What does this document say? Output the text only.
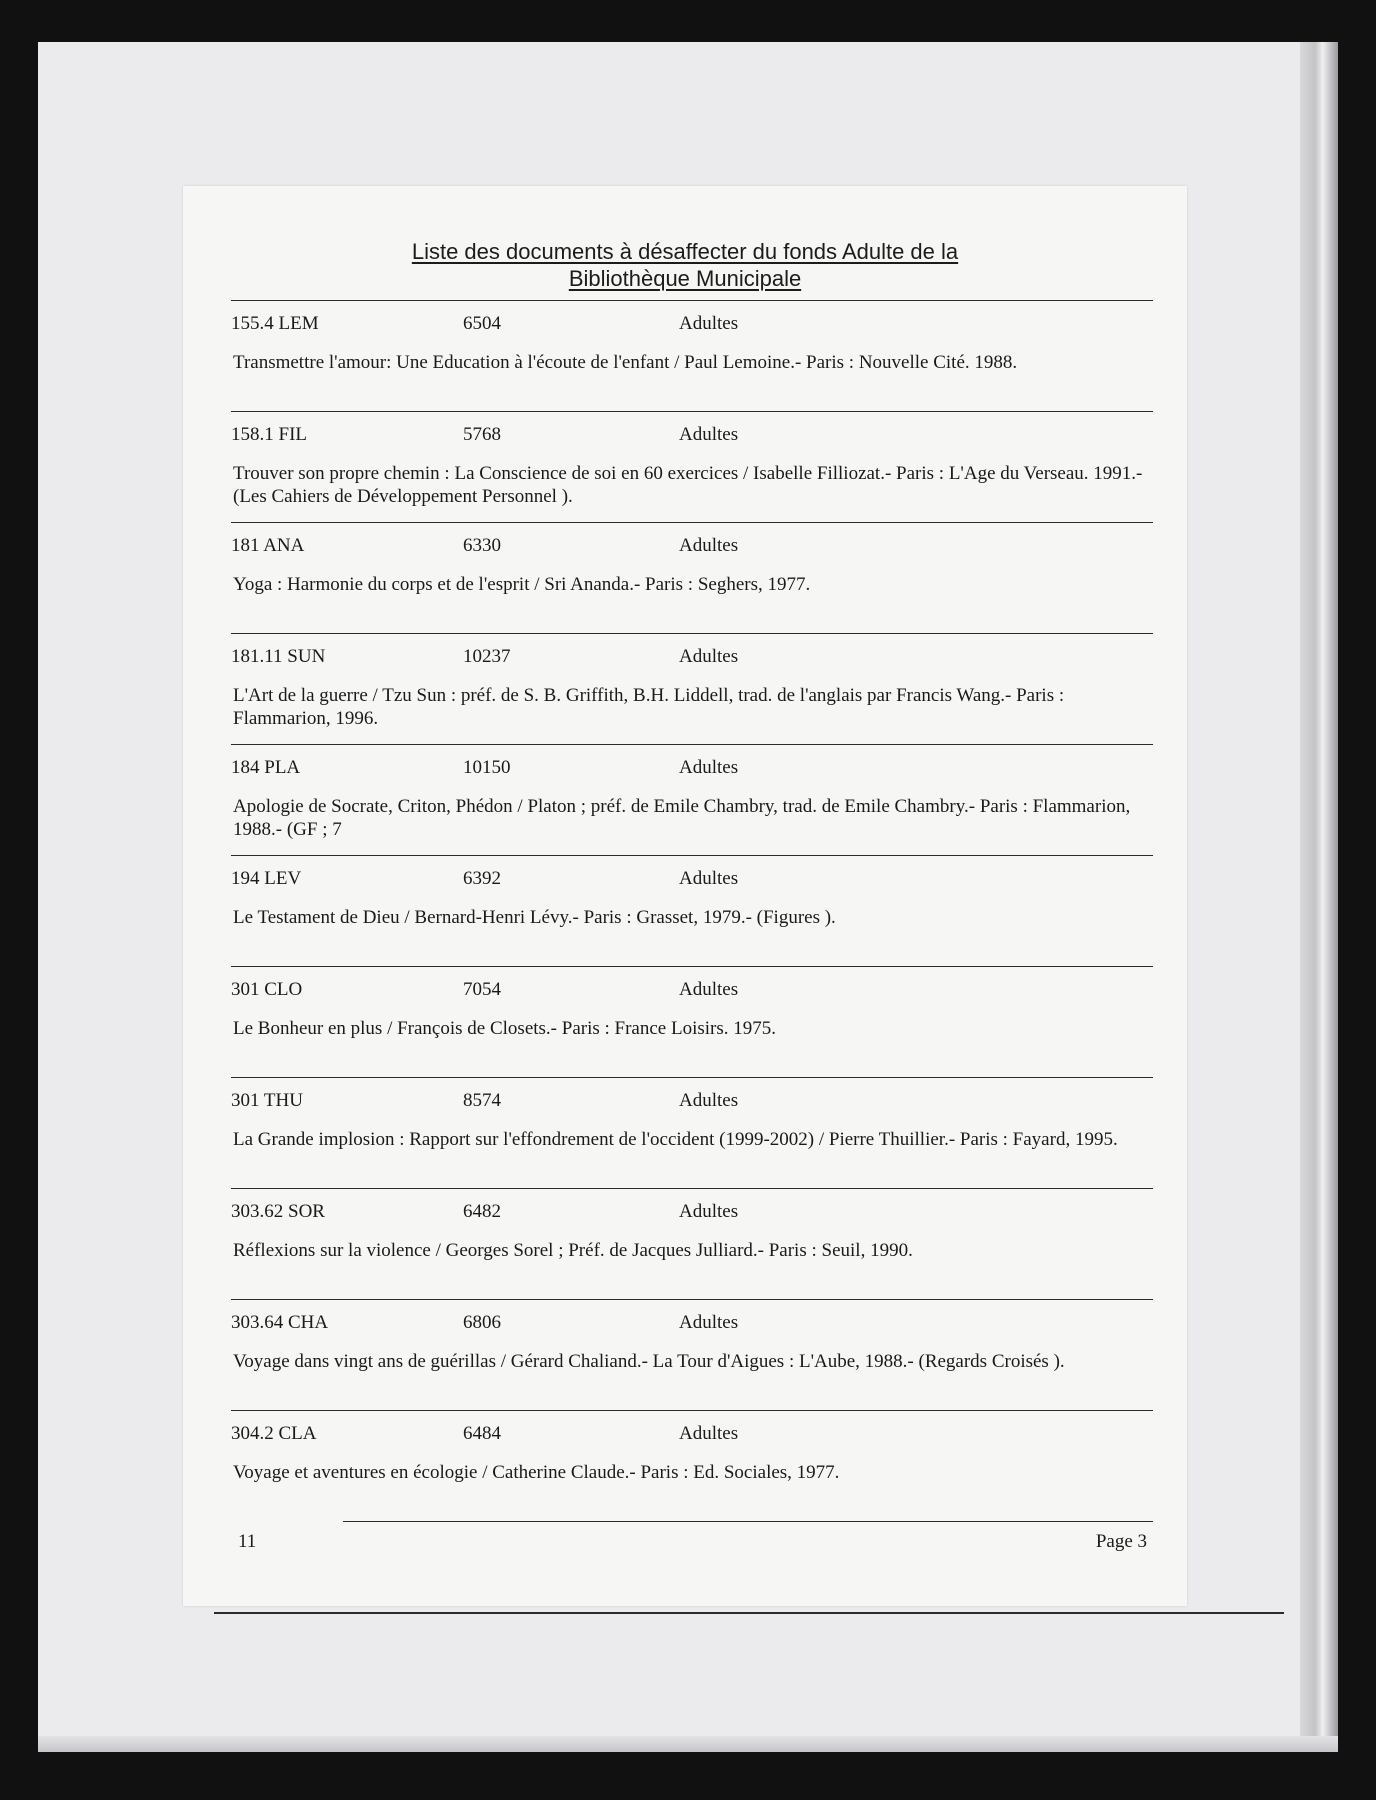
Liste des documents à désaffecter du fonds Adulte de la
Bibliothèque Municipale
155.4 LEM	6504	Adultes
Transmettre l'amour: Une Education à l'écoute de l'enfant / Paul Lemoine.- Paris : Nouvelle Cité. 1988.
158.1 FIL	5768	Adultes
Trouver son propre chemin : La Conscience de soi en 60 exercices / Isabelle Filliozat.- Paris : L'Age du Verseau. 1991.- (Les Cahiers de Développement Personnel ).
181 ANA	6330	Adultes
Yoga : Harmonie du corps et de l'esprit / Sri Ananda.- Paris : Seghers, 1977.
181.11 SUN	10237	Adultes
L'Art de la guerre / Tzu Sun : préf. de S. B. Griffith, B.H. Liddell, trad. de l'anglais par Francis Wang.- Paris : Flammarion, 1996.
184 PLA	10150	Adultes
Apologie de Socrate, Criton, Phédon / Platon ; préf. de Emile Chambry, trad. de Emile Chambry.- Paris : Flammarion, 1988.- (GF ; 7
194 LEV	6392	Adultes
Le Testament de Dieu / Bernard-Henri Lévy.- Paris : Grasset, 1979.- (Figures ).
301 CLO	7054	Adultes
Le Bonheur en plus / François de Closets.- Paris : France Loisirs. 1975.
301 THU	8574	Adultes
La Grande implosion : Rapport sur l'effondrement de l'occident (1999-2002) / Pierre Thuillier.- Paris : Fayard, 1995.
303.62 SOR	6482	Adultes
Réflexions sur la violence / Georges Sorel ; Préf. de Jacques Julliard.- Paris : Seuil, 1990.
303.64 CHA	6806	Adultes
Voyage dans vingt ans de guérillas / Gérard Chaliand.- La Tour d'Aigues : L'Aube, 1988.- (Regards Croisés ).
304.2 CLA	6484	Adultes
Voyage et aventures en écologie / Catherine Claude.- Paris : Ed. Sociales, 1977.
11	Page 3
